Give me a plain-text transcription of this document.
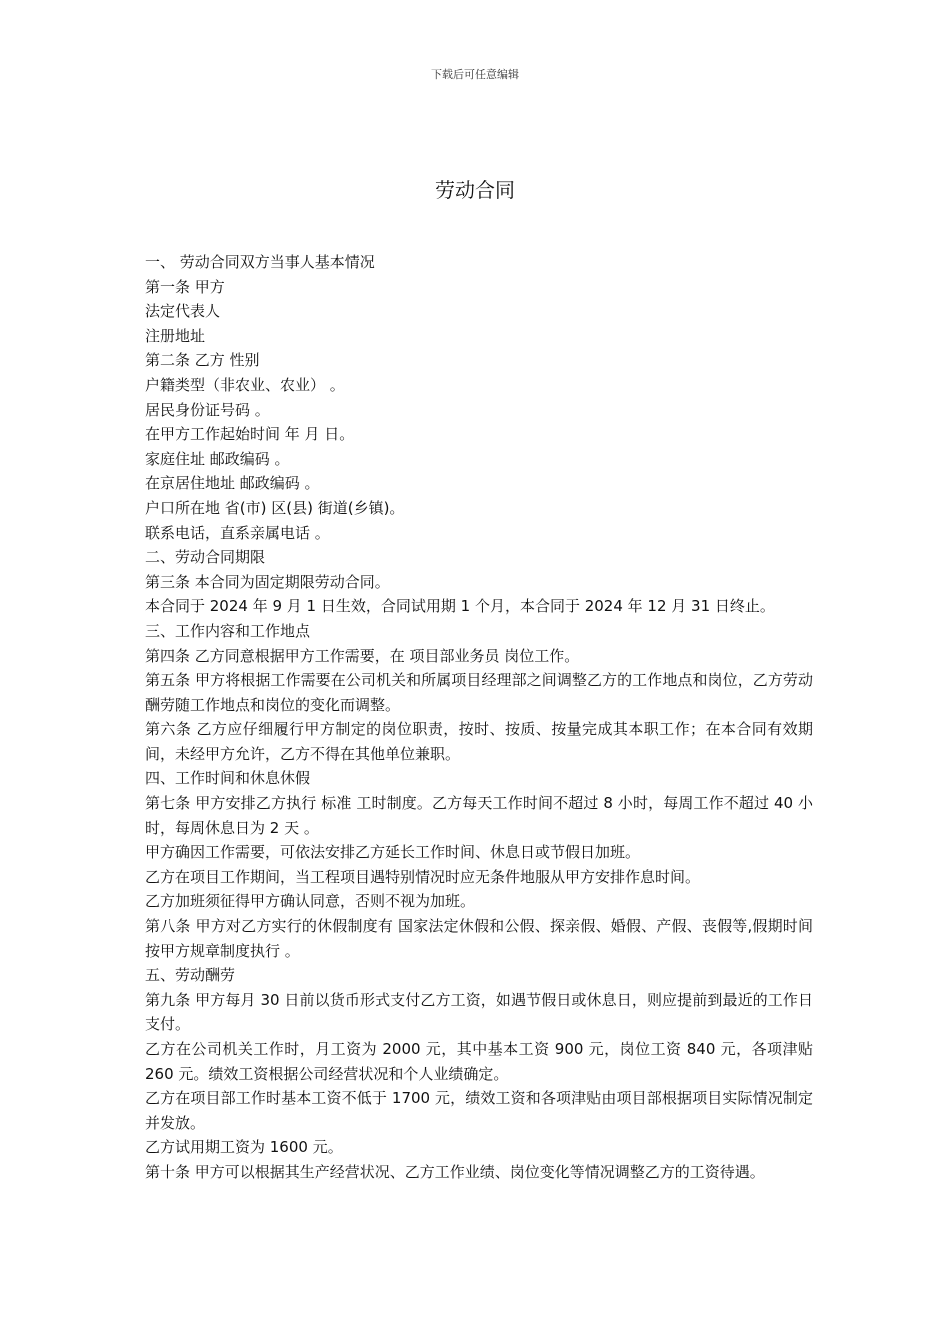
下载后可任意编辑
劳动合同

一、 劳动合同双方当事人基本情况

第一条 甲方

法定代表人

注册地址

第二条 乙方 性别

户籍类型（非农业、农业） 。

居民身份证号码 。

在甲方工作起始时间 年 月 日。

家庭住址 邮政编码 。

在京居住地址 邮政编码 。

户口所在地 省(市) 区(县) 街道(乡镇)。

联系电话，直系亲属电话 。

二、劳动合同期限

第三条 本合同为固定期限劳动合同。

本合同于 2024 年 9 月 1 日生效，合同试用期 1 个月，本合同于 2024 年 12 月 31 日终止。

三、工作内容和工作地点

第四条 乙方同意根据甲方工作需要，在 项目部业务员 岗位工作。

第五条 甲方将根据工作需要在公司机关和所属项目经理部之间调整乙方的工作地点和岗位，乙方劳动酬劳随工作地点和岗位的变化而调整。

第六条 乙方应仔细履行甲方制定的岗位职责，按时、按质、按量完成其本职工作；在本合同有效期间，未经甲方允许，乙方不得在其他单位兼职。

四、工作时间和休息休假

第七条 甲方安排乙方执行 标准 工时制度。乙方每天工作时间不超过 8 小时，每周工作不超过 40 小时，每周休息日为 2 天 。

甲方确因工作需要，可依法安排乙方延长工作时间、休息日或节假日加班。

乙方在项目工作期间，当工程项目遇特别情况时应无条件地服从甲方安排作息时间。

乙方加班须征得甲方确认同意，否则不视为加班。

第八条 甲方对乙方实行的休假制度有 国家法定休假和公假、探亲假、婚假、产假、丧假等,假期时间按甲方规章制度执行 。

五、劳动酬劳

第九条 甲方每月 30 日前以货币形式支付乙方工资，如遇节假日或休息日，则应提前到最近的工作日支付。

乙方在公司机关工作时，月工资为 2000 元，其中基本工资 900 元，岗位工资 840 元，各项津贴 260 元。绩效工资根据公司经营状况和个人业绩确定。

乙方在项目部工作时基本工资不低于 1700 元，绩效工资和各项津贴由项目部根据项目实际情况制定并发放。

乙方试用期工资为 1600 元。

第十条 甲方可以根据其生产经营状况、乙方工作业绩、岗位变化等情况调整乙方的工资待遇。
